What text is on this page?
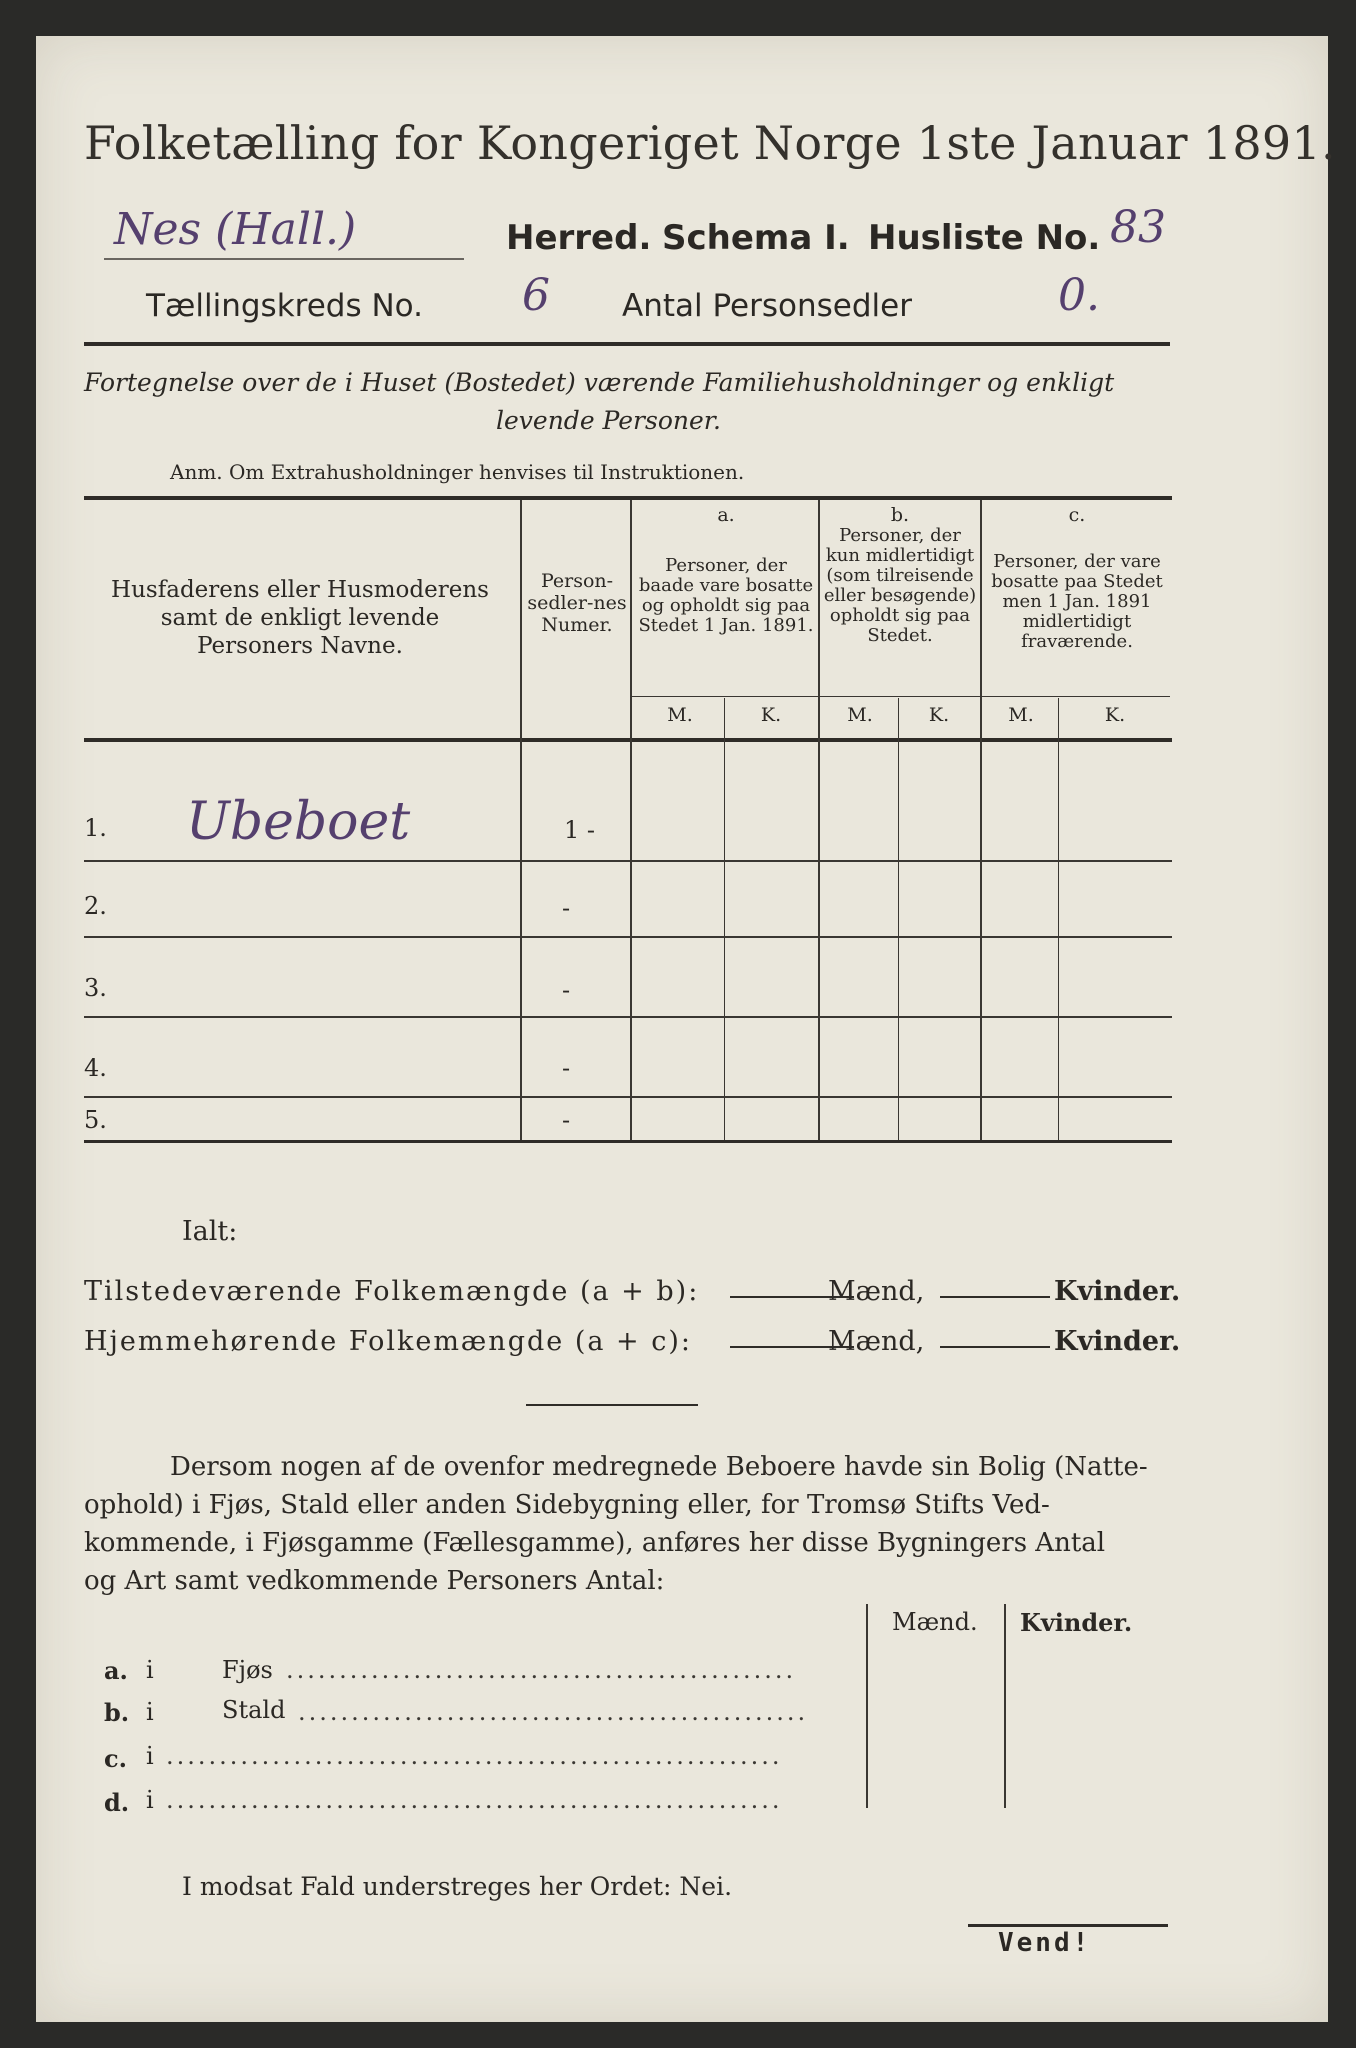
Folketælling for Kongeriget Norge 1ste Januar 1891.
Nes (Hall.)	Herred. Schema I. Husliste No. 83
Tællingskreds No. 6 Antal Personsedler	0.
Fortegnelse over de i Huset (Bostedet) værende Familiehusholdninger og enkligt
levende Personer.
Anm. Om Extrahusholdninger henvises til Instruktionen.
Husfaderens eller Husmoderens samt de enkligt levende Personers Navne.
Person-sedler-nes Numer.
a.
Personer, der baade vare bosatte og opholdt sig paa Stedet 1 Jan. 1891.
b.
Personer, der kun midlertidigt (som tilreisende eller besøgende) opholdt sig paa Stedet.
c.
Personer, der vare bosatte paa Stedet men 1 Jan. 1891 midlertidigt fraværende.
M.	K.	M.	K.	M.	K.
1. Ubeboet	1 -
2.	-
3.	-
4.	-
5.	-
Ialt:
Tilstedeværende Folkemængde (a + b):	Mænd,	Kvinder.
Hjemmehørende Folkemængde (a + c):	Mænd,	Kvinder.
Dersom nogen af de ovenfor medregnede Beboere havde sin Bolig (Natte-
ophold) i Fjøs, Stald eller anden Sidebygning eller, for Tromsø Stifts Ved-
kommende, i Fjøsgamme (Fællesgamme), anføres her disse Bygningers Antal
og Art samt vedkommende Personers Antal:
Mænd. Kvinder.
a. i	Fjøs ................................................
b. i	Stald ................................................
c. i ..........................................................
d. i ..........................................................
I modsat Fald understreges her Ordet: Nei.
Vend!
